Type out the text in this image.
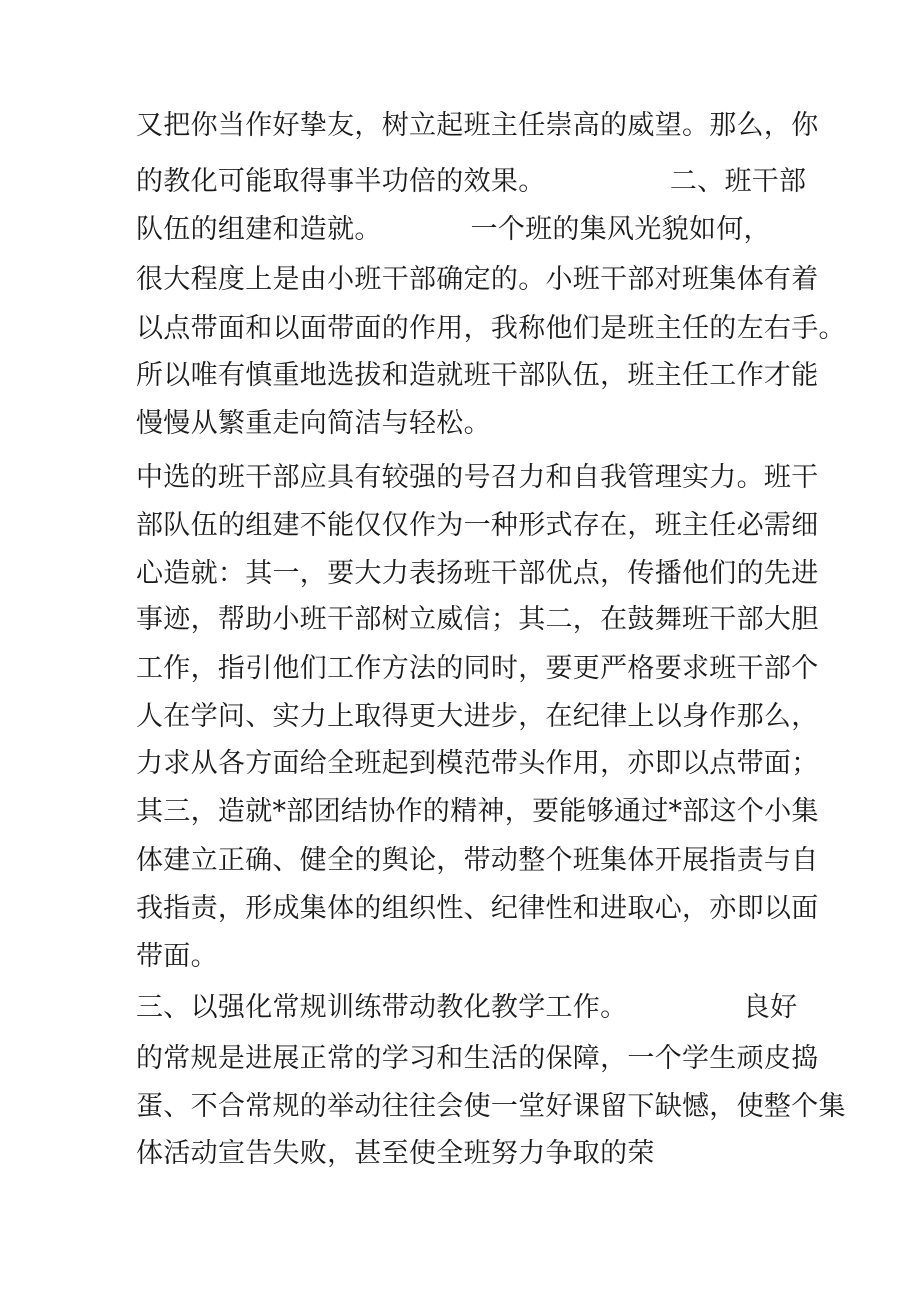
又把你当作好挚友，树立起班主任崇高的威望。那么，你

的教化可能取得事半功倍的效果。              二、班干部

队伍的组建和造就。          一个班的集风光貌如何，

很大程度上是由小班干部确定的。小班干部对班集体有着

以点带面和以面带面的作用，我称他们是班主任的左右手。

所以唯有慎重地选拔和造就班干部队伍，班主任工作才能

慢慢从繁重走向简洁与轻松。

中选的班干部应具有较强的号召力和自我管理实力。班干

部队伍的组建不能仅仅作为一种形式存在，班主任必需细

心造就：其一，要大力表扬班干部优点，传播他们的先进

事迹，帮助小班干部树立威信；其二，在鼓舞班干部大胆

工作，指引他们工作方法的同时，要更严格要求班干部个

人在学问、实力上取得更大进步，在纪律上以身作那么，

力求从各方面给全班起到模范带头作用，亦即以点带面；

其三，造就*部团结协作的精神，要能够通过*部这个小集

体建立正确、健全的舆论，带动整个班集体开展指责与自

我指责，形成集体的组织性、纪律性和进取心，亦即以面

带面。

三、以强化常规训练带动教化教学工作。             良好

的常规是进展正常的学习和生活的保障，一个学生顽皮捣

蛋、不合常规的举动往往会使一堂好课留下缺憾，使整个集

体活动宣告失败，甚至使全班努力争取的荣
